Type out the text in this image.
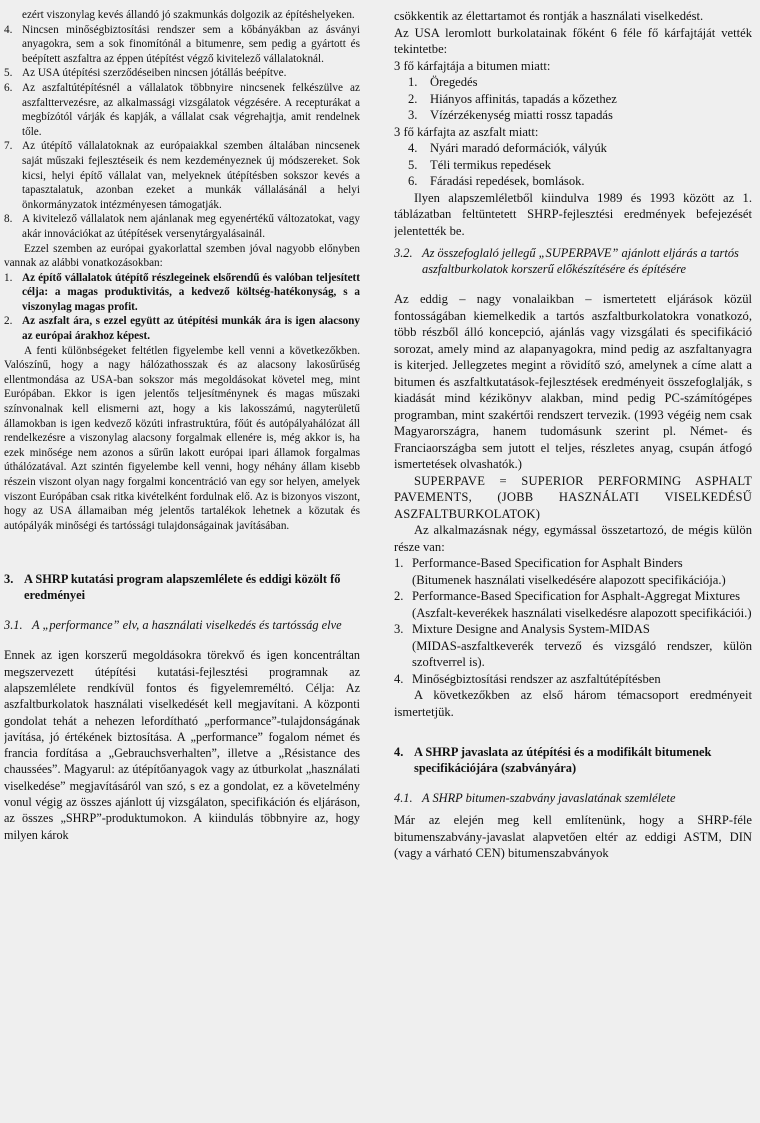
ezért viszonylag kevés állandó jó szakmunkás dolgozik az építéshelyeken.

4. Nincsen minőségbiztosítási rendszer sem a kőbányákban az ásványi anyagokra, sem a sok finomítónál a bitumenre, sem pedig a gyártott és beépített aszfaltra az éppen útépítést végző kivitelező vállalatoknál.
5. Az USA útépítési szerződéseiben nincsen jótállás beépítve.
6. Az aszfaltútépítésnél a vállalatok többnyire nincsenek felkészülve az aszfalttervezésre, az alkalmassági vizsgálatok végzésére. A recepturákat a megbízótól várják és kapják, a vállalat csak végrehajtja, amit rendelnek tőle.
7. Az útépítő vállalatoknak az európaiakkal szemben általában nincsenek saját műszaki fejlesztéseik és nem kezdeményeznek új módszereket. Sok kicsi, helyi építő vállalat van, melyeknek útépítésben sokszor kevés a tapasztalatuk, azonban ezeket a munkák vállalásánál a helyi önkormányzatok intézményesen támogatják.
8. A kivitelező vállalatok nem ajánlanak meg egyenértékű változatokat, vagy akár innovációkat az útépítések versenytárgyalásainál.

Ezzel szemben az európai gyakorlattal szemben jóval nagyobb előnyben vannak az alábbi vonatkozásokban:

1. Az építő vállalatok útépítő részlegeinek elsőrendű és valóban teljesített célja: a magas produktivitás, a kedvező költség-hatékonyság, s a viszonylag magas profit.
2. Az aszfalt ára, s ezzel együtt az útépítési munkák ára is igen alacsony az európai árakhoz képest.

A fenti különbségeket feltétlen figyelembe kell venni a következőkben. Valószínű, hogy a nagy hálózathosszak és az alacsony lakosűrűség ellentmondása az USA-ban sokszor más megoldásokat követel meg, mint Európában. Ekkor is igen jelentős teljesítménynek és magas műszaki színvonalnak kell elismerni azt, hogy a kis lakosszámú, nagyterületű államokban is igen kedvező közúti infrastruktúra, főút és autópályahálózat áll rendelkezésre a viszonylag alacsony forgalmak ellenére is, még akkor is, ha ezek minősége nem azonos a sűrűn lakott európai ipari államok forgalmas úthálózatával. Azt szintén figyelembe kell venni, hogy néhány állam kisebb részein viszont olyan nagy forgalmi koncentráció van egy sor helyen, amelyek viszont Európában csak ritka kivételként fordulnak elő. Az is bizonyos viszont, hogy az USA államaiban még jelentős tartalékok lehetnek a közutak és autópályák minőségi és tartóssági tulajdonságainak javításában.

3. A SHRP kutatási program alapszemlélete és eddigi közölt fő eredményei
3.1. A „performance” elv, a használati viselkedés és tartósság elve

Ennek az igen korszerű megoldásokra törekvő és igen koncentráltan megszervezett útépítési kutatási-fejlesztési programnak az alapszemlélete rendkívül fontos és figyelemreméltó. Célja: Az aszfaltburkolatok használati viselkedését kell megjavítani. A központi gondolat tehát a nehezen lefordítható „performance”-tulajdonságának javítása, jó értékének biztosítása. A „performance” fogalom német és francia fordítása a „Gebrauchsverhalten”, illetve a „Résistance des chaussées”. Magyarul: az útépítőanyagok vagy az útburkolat „használati viselkedése” megjavításáról van szó, s ez a gondolat, ez a követelmény vonul végig az összes ajánlott új vizsgálaton, specifikáción és eljáráson, az összes „SHRP”-produktumokon. A kiindulás többnyire az, hogy milyen károk

csökkentik az élettartamot és rontják a használati viselkedést.

Az USA leromlott burkolatainak főként 6 féle fő kárfajtáját vették tekintetbe:

3 fő kárfajtája a bitumen miatt:
1. Öregedés
2. Hiányos affinitás, tapadás a kőzethez
3. Vízérzékenység miatti rossz tapadás
3 fő kárfajta az aszfalt miatt:
4. Nyári maradó deformációk, vályúk
5. Téli termikus repedések
6. Fáradási repedések, bomlások.

Ilyen alapszemléletből kiindulva 1989 és 1993 között az 1. táblázatban feltüntetett SHRP-fejlesztési eredmények befejezését jelentették be.

3.2. Az összefoglaló jellegű „SUPERPAVE” ajánlott eljárás a tartós aszfaltburkolatok korszerű előkészítésére és építésére

Az eddig – nagy vonalaikban – ismertetett eljárások közül fontosságában kiemelkedik a tartós aszfaltburkolatokra vonatkozó, több részből álló koncepció, ajánlás vagy vizsgálati és specifikáció sorozat, amely mind az alapanyagokra, mind pedig az aszfaltanyagra is kiterjed. Jellegzetes megint a rövidítő szó, amelynek a címe alatt a bitumen és aszfaltkutatások-fejlesztések eredményeit összefoglalják, s kiadását mind kézikönyv alakban, mind pedig PC-számítógépes programban, mint szakértői rendszert tervezik. (1993 végéig nem csak Magyarországra, hanem tudomásunk szerint pl. Német- és Franciaországba sem jutott el teljes, részletes anyag, csupán átfogó ismertetések olvashatók.)

SUPERPAVE = SUPERIOR PERFORMING ASPHALT PAVEMENTS, (JOBB HASZNÁLATI VISELKEDÉSŰ ASZFALTBURKOLATOK)

Az alkalmazásnak négy, egymással összetartozó, de mégis külön része van:

1. Performance-Based Specification for Asphalt Binders
(Bitumenek használati viselkedésére alapozott specifikációja.)
2. Performance-Based Specification for Asphalt-Aggregat Mixtures
(Aszfalt-keverékek használati viselkedésre alapozott specifikációi.)
3. Mixture Designe and Analysis System-MIDAS
(MIDAS-aszfaltkeverék tervező és vizsgáló rendszer, külön szoftverrel is).
4. Minőségbiztosítási rendszer az aszfaltútépítésben

A következőkben az első három témacsoport eredményeit ismertetjük.

4. A SHRP javaslata az útépítési és a modifikált bitumenek specifikációjára (szabványára)
4.1. A SHRP bitumen-szabvány javaslatának szemlélete

Már az elején meg kell említenünk, hogy a SHRP-féle bitumenszabvány-javaslat alapvetően eltér az eddigi ASTM, DIN (vagy a várható CEN) bitumenszabványok
